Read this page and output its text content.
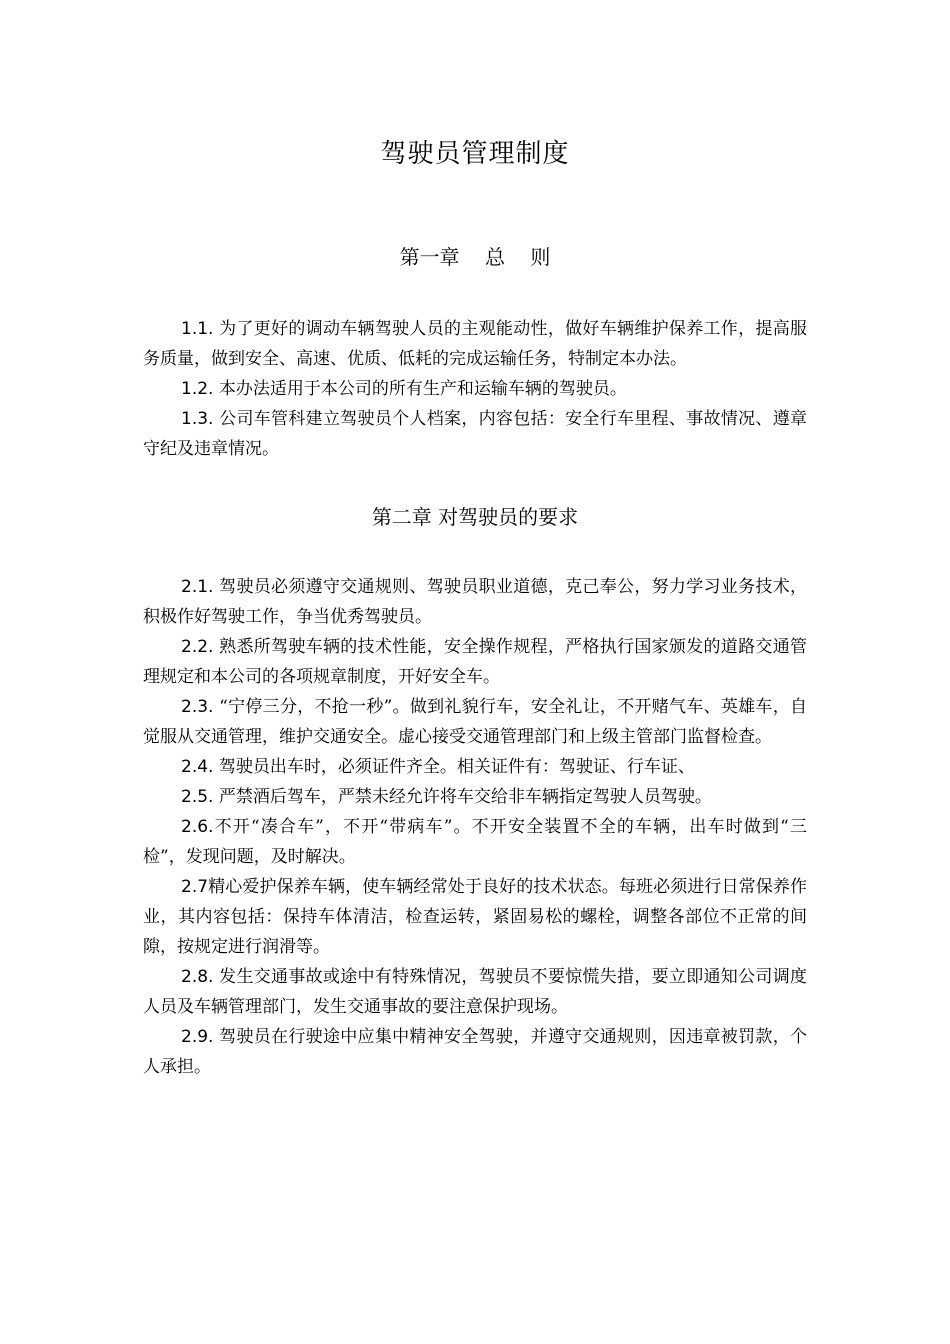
驾驶员管理制度
第一章    总    则

1.1. 为了更好的调动车辆驾驶人员的主观能动性，做好车辆维护保养工作，提高服务质量，做到安全、高速、优质、低耗的完成运输任务，特制定本办法。

1.2. 本办法适用于本公司的所有生产和运输车辆的驾驶员。

1.3. 公司车管科建立驾驶员个人档案，内容包括：安全行车里程、事故情况、遵章守纪及违章情况。

第二章 对驾驶员的要求

2.1. 驾驶员必须遵守交通规则、驾驶员职业道德，克己奉公，努力学习业务技术，积极作好驾驶工作，争当优秀驾驶员。

2.2. 熟悉所驾驶车辆的技术性能，安全操作规程，严格执行国家颁发的道路交通管理规定和本公司的各项规章制度，开好安全车。

2.3. “宁停三分，不抢一秒”。做到礼貌行车，安全礼让，不开赌气车、英雄车，自觉服从交通管理，维护交通安全。虚心接受交通管理部门和上级主管部门监督检查。

2.4. 驾驶员出车时，必须证件齐全。相关证件有：驾驶证、行车证、

2.5. 严禁酒后驾车，严禁未经允许将车交给非车辆指定驾驶人员驾驶。

2.6.不开“凑合车”，不开“带病车”。不开安全装置不全的车辆，出车时做到“三检”，发现问题，及时解决。

2.7精心爱护保养车辆，使车辆经常处于良好的技术状态。每班必须进行日常保养作业，其内容包括：保持车体清洁，检查运转，紧固易松的螺栓，调整各部位不正常的间隙，按规定进行润滑等。

2.8. 发生交通事故或途中有特殊情况，驾驶员不要惊慌失措，要立即通知公司调度人员及车辆管理部门，发生交通事故的要注意保护现场。

2.9. 驾驶员在行驶途中应集中精神安全驾驶，并遵守交通规则，因违章被罚款，个人承担。
